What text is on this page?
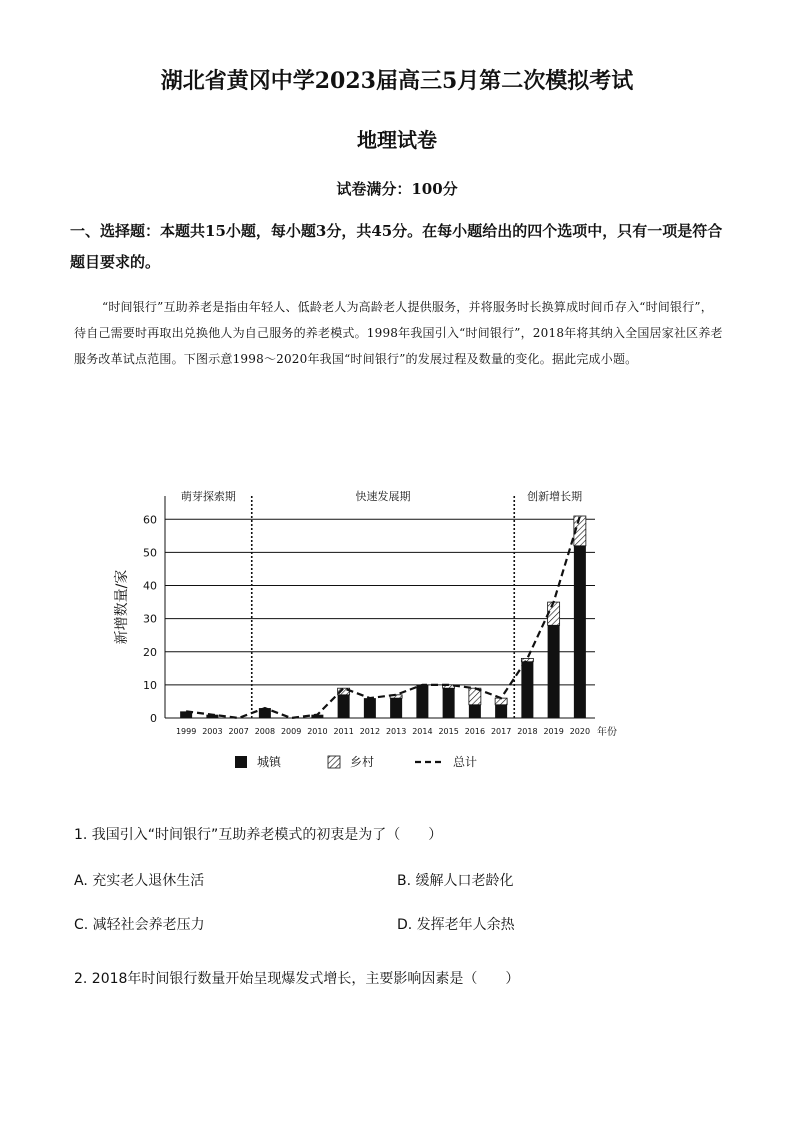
湖北省黄冈中学2023届高三5月第二次模拟考试
地理试卷
试卷满分：100分
一、选择题：本题共15小题，每小题3分，共45分。在每小题给出的四个选项中，只有一项是符合题目要求的。
“时间银行”互助养老是指由年轻人、低龄老人为高龄老人提供服务，并将服务时长换算成时间币存入“时间银行”，待自己需要时再取出兑换他人为自己服务的养老模式。1998年我国引入“时间银行”，2018年将其纳入全国居家社区养老服务改革试点范围。下图示意1998～2020年我国“时间银行”的发展过程及数量的变化。据此完成小题。
0
10
20
30
40
50
60
1999 2003 2007 2008 2009 2010 2011 2012 2013 2014 2015 2016 2017 2018 2019 2020
萌芽探索期	快速发展期	创新增长期
新增数量/家
年份
城镇	乡村	总计
1. 我国引入“时间银行”互助养老模式的初衷是为了（　　）
A. 充实老人退休生活	B. 缓解人口老龄化
C. 减轻社会养老压力	D. 发挥老年人余热
2. 2018年时间银行数量开始呈现爆发式增长，主要影响因素是（　　）
